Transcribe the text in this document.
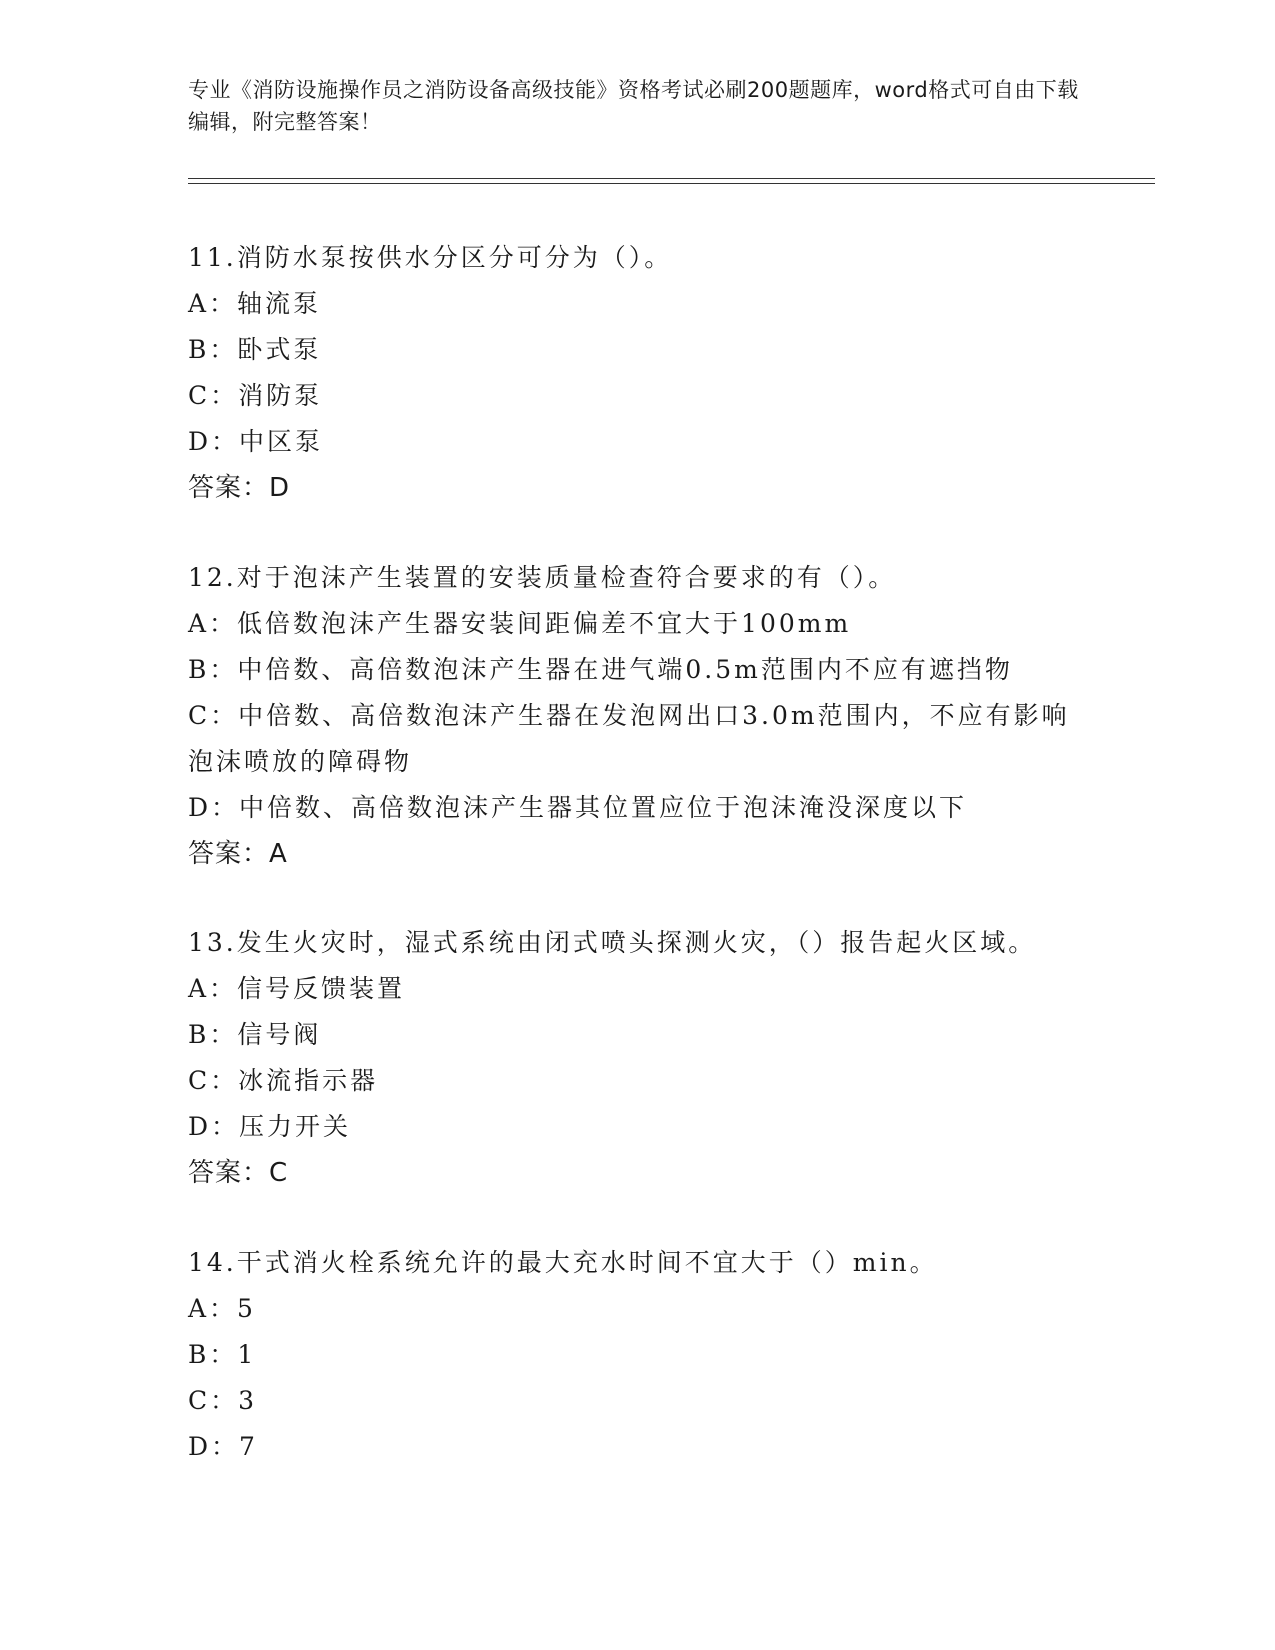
专业《消防设施操作员之消防设备高级技能》资格考试必刷200题题库，word格式可自由下载编辑，附完整答案！
11.消防水泵按供水分区分可分为（）。
A：轴流泵
B：卧式泵
C：消防泵
D：中区泵
答案：D
12.对于泡沫产生装置的安装质量检查符合要求的有（）。
A：低倍数泡沫产生器安装间距偏差不宜大于100mm
B：中倍数、高倍数泡沫产生器在进气端0.5m范围内不应有遮挡物
C：中倍数、高倍数泡沫产生器在发泡网出口3.0m范围内，不应有影响泡沫喷放的障碍物
D：中倍数、高倍数泡沫产生器其位置应位于泡沫淹没深度以下
答案：A
13.发生火灾时，湿式系统由闭式喷头探测火灾，（）报告起火区域。
A：信号反馈装置
B：信号阀
C：冰流指示器
D：压力开关
答案：C
14.干式消火栓系统允许的最大充水时间不宜大于（）min。
A：5
B：1
C：3
D：7
